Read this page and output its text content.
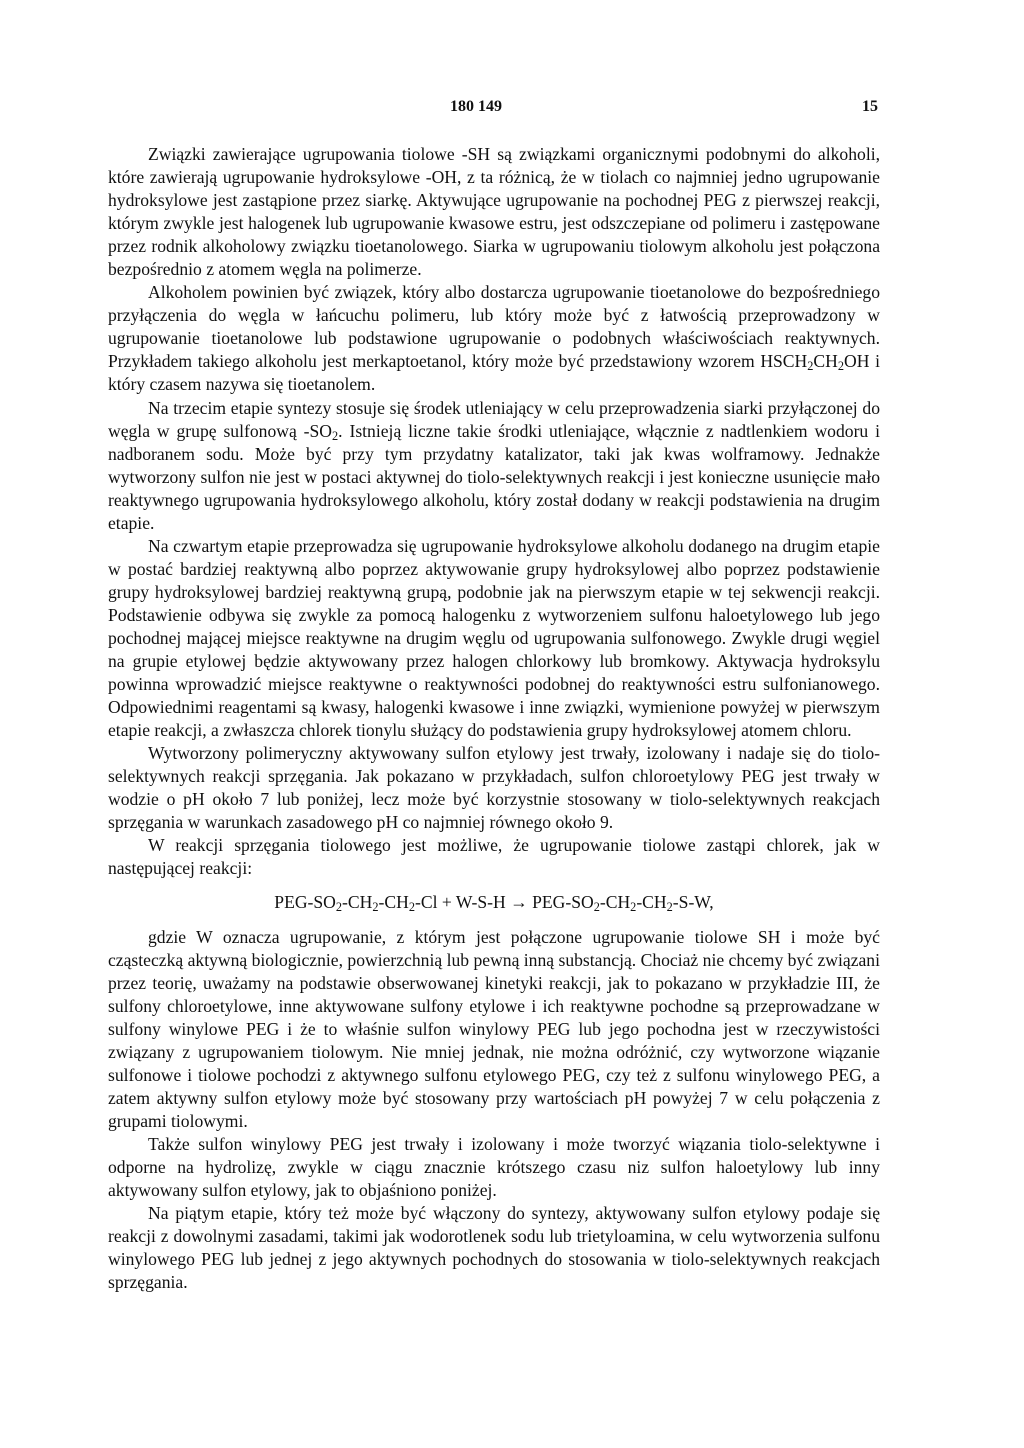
180 149	15

Związki zawierające ugrupowania tiolowe -SH są związkami organicznymi podobnymi do alkoholi, które zawierają ugrupowanie hydroksylowe -OH, z ta różnicą, że w tiolach co najmniej jedno ugrupowanie hydroksylowe jest zastąpione przez siarkę. Aktywujące ugrupowanie na pochodnej PEG z pierwszej reakcji, którym zwykle jest halogenek lub ugrupowanie kwasowe estru, jest odszczepiane od polimeru i zastępowane przez rodnik alkoholowy związku tioetanolowego. Siarka w ugrupowaniu tiolowym alkoholu jest połączona bezpośrednio z atomem węgla na polimerze.

Alkoholem powinien być związek, który albo dostarcza ugrupowanie tioetanolowe do bezpośredniego przyłączenia do węgla w łańcuchu polimeru, lub który może być z łatwością przeprowadzony w ugrupowanie tioetanolowe lub podstawione ugrupowanie o podobnych właściwościach reaktywnych. Przykładem takiego alkoholu jest merkaptoetanol, który może być przedstawiony wzorem $HSCH_2CH_2OH$ i który czasem nazywa się tioetanolem.

Na trzecim etapie syntezy stosuje się środek utleniający w celu przeprowadzenia siarki przyłączonej do węgla w grupę sulfonową $-SO_2$. Istnieją liczne takie środki utleniające, włącznie z nadtlenkiem wodoru i nadboranem sodu. Może być przy tym przydatny katalizator, taki jak kwas wolframowy. Jednakże wytworzony sulfon nie jest w postaci aktywnej do tiolo-selektywnych reakcji i jest konieczne usunięcie mało reaktywnego ugrupowania hydroksylowego alkoholu, który został dodany w reakcji podstawienia na drugim etapie.

Na czwartym etapie przeprowadza się ugrupowanie hydroksylowe alkoholu dodanego na drugim etapie w postać bardziej reaktywną albo poprzez aktywowanie grupy hydroksylowej albo poprzez podstawienie grupy hydroksylowej bardziej reaktywną grupą, podobnie jak na pierwszym etapie w tej sekwencji reakcji. Podstawienie odbywa się zwykle za pomocą halogenku z wytworzeniem sulfonu haloetylowego lub jego pochodnej mającej miejsce reaktywne na drugim węglu od ugrupowania sulfonowego. Zwykle drugi węgiel na grupie etylowej będzie aktywowany przez halogen chlorkowy lub bromkowy. Aktywacja hydroksylu powinna wprowadzić miejsce reaktywne o reaktywności podobnej do reaktywności estru sulfonianowego. Odpowiednimi reagentami są kwasy, halogenki kwasowe i inne związki, wymienione powyżej w pierwszym etapie reakcji, a zwłaszcza chlorek tionylu służący do podstawienia grupy hydroksylowej atomem chloru.

Wytworzony polimeryczny aktywowany sulfon etylowy jest trwały, izolowany i nadaje się do tiolo-selektywnych reakcji sprzęgania. Jak pokazano w przykładach, sulfon chloroetylowy PEG jest trwały w wodzie o pH około 7 lub poniżej, lecz może być korzystnie stosowany w tiolo-selektywnych reakcjach sprzęgania w warunkach zasadowego pH co najmniej równego około 9.

W reakcji sprzęgania tiolowego jest możliwe, że ugrupowanie tiolowe zastąpi chlorek, jak w następującej reakcji:

PEG-$SO_2-CH_2-CH_2-Cl + W-S-H \to PEG-SO_2-CH_2-CH_2-S-W$,

gdzie W oznacza ugrupowanie, z którym jest połączone ugrupowanie tiolowe SH i może być cząsteczką aktywną biologicznie, powierzchnią lub pewną inną substancją. Chociaż nie chcemy być związani przez teorię, uważamy na podstawie obserwowanej kinetyki reakcji, jak to pokazano w przykładzie III, że sulfony chloroetylowe, inne aktywowane sulfony etylowe i ich reaktywne pochodne są przeprowadzane w sulfony winylowe PEG i że to właśnie sulfon winylowy PEG lub jego pochodna jest w rzeczywistości związany z ugrupowaniem tiolowym. Nie mniej jednak, nie można odróżnić, czy wytworzone wiązanie sulfonowe i tiolowe pochodzi z aktywnego sulfonu etylowego PEG, czy też z sulfonu winylowego PEG, a zatem aktywny sulfon etylowy może być stosowany przy wartościach pH powyżej 7 w celu połączenia z grupami tiolowymi.

Także sulfon winylowy PEG jest trwały i izolowany i może tworzyć wiązania tiolo-selektywne i odporne na hydrolizę, zwykle w ciągu znacznie krótszego czasu niz sulfon haloetylowy lub inny aktywowany sulfon etylowy, jak to objaśniono poniżej.

Na piątym etapie, który też może być włączony do syntezy, aktywowany sulfon etylowy podaje się reakcji z dowolnymi zasadami, takimi jak wodorotlenek sodu lub trietyloamina, w celu wytworzenia sulfonu winylowego PEG lub jednej z jego aktywnych pochodnych do stosowania w tiolo-selektywnych reakcjach sprzęgania.
